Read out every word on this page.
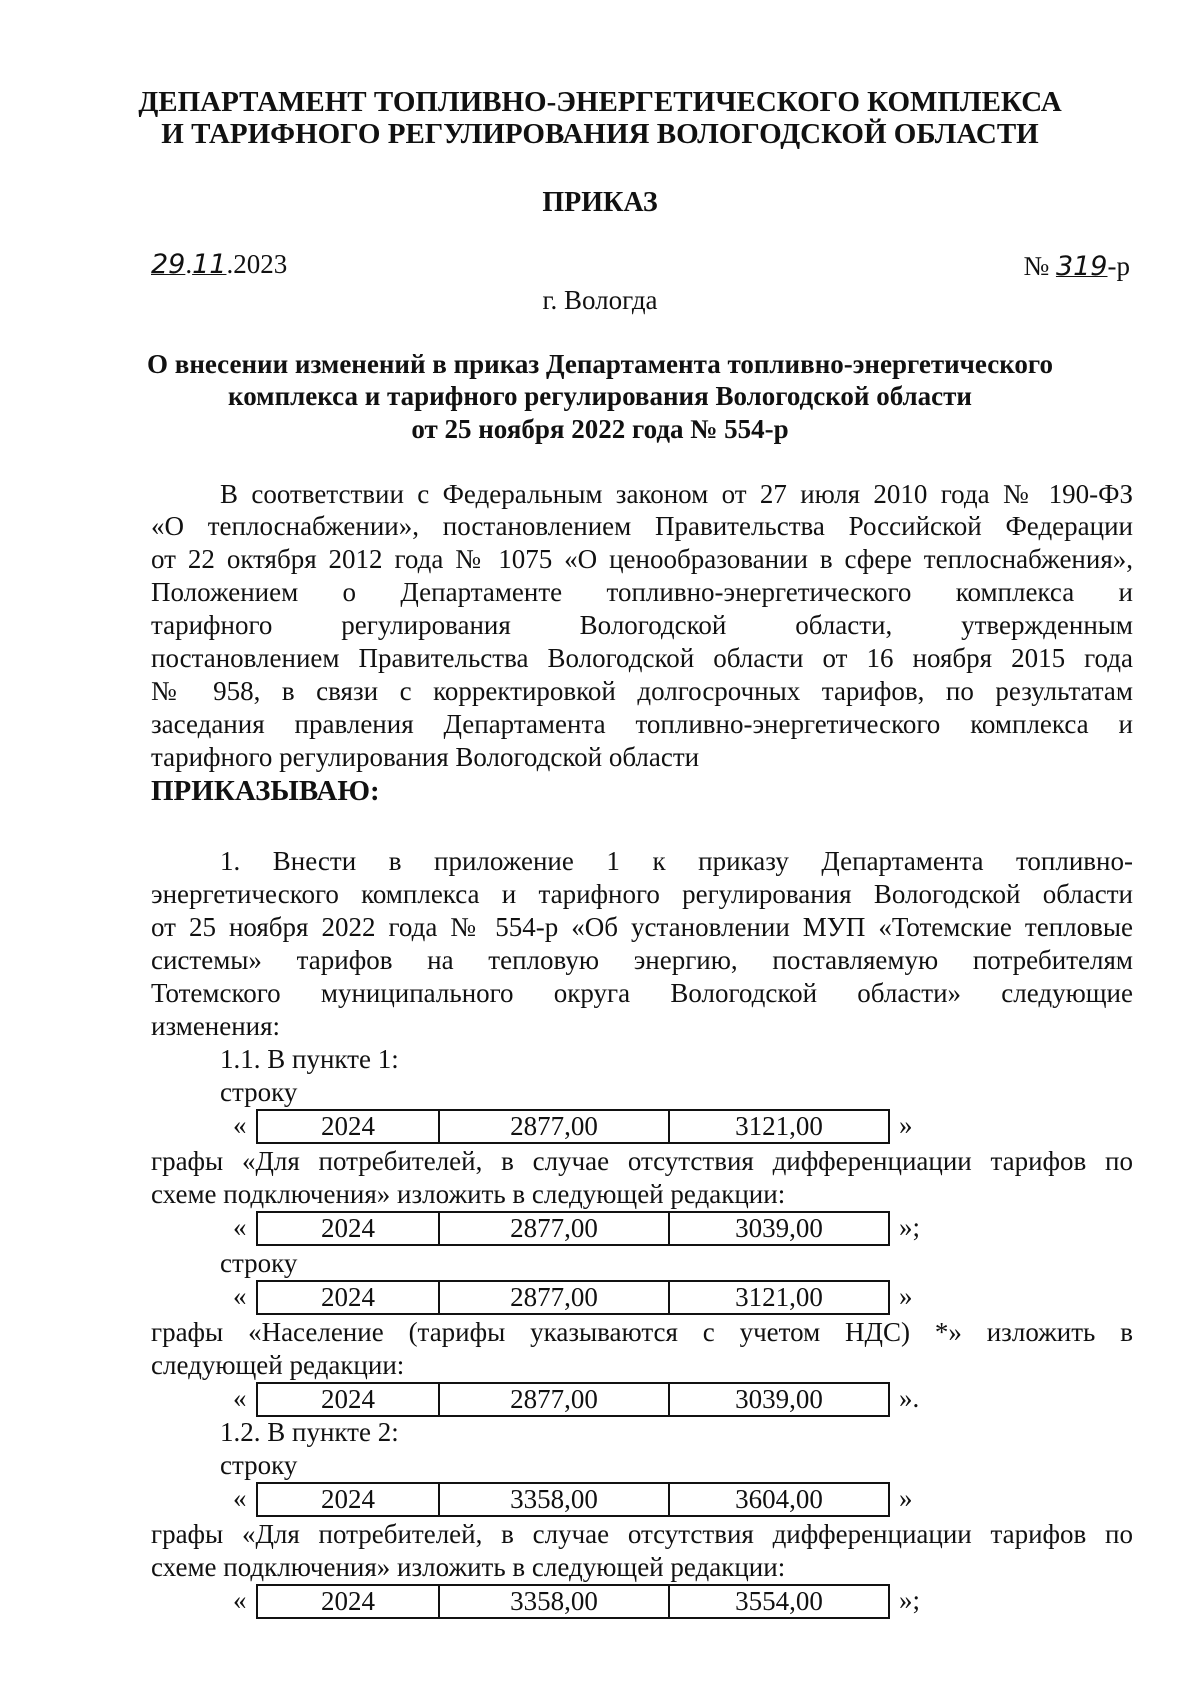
ДЕПАРТАМЕНТ ТОПЛИВНО-ЭНЕРГЕТИЧЕСКОГО КОМПЛЕКСА
И ТАРИФНОГО РЕГУЛИРОВАНИЯ ВОЛОГОДСКОЙ ОБЛАСТИ
ПРИКАЗ
29.11.2023	№ 319-р
г. Вологда
О внесении изменений в приказ Департамента топливно-энергетического
комплекса и тарифного регулирования Вологодской области
от 25 ноября 2022 года № 554-р
В соответствии с Федеральным законом от 27 июля 2010 года № 190-ФЗ
«О теплоснабжении», постановлением Правительства Российской Федерации
от 22 октября 2012 года № 1075 «О ценообразовании в сфере теплоснабжения»,
Положением о Департаменте топливно-энергетического комплекса и
тарифного регулирования Вологодской области, утвержденным
постановлением Правительства Вологодской области от 16 ноября 2015 года
№ 958, в связи с корректировкой долгосрочных тарифов, по результатам
заседания правления Департамента топливно-энергетического комплекса и
тарифного регулирования Вологодской области
ПРИКАЗЫВАЮ:
1. Внести в приложение 1 к приказу Департамента топливно-
энергетического комплекса и тарифного регулирования Вологодской области
от 25 ноября 2022 года № 554-р «Об установлении МУП «Тотемские тепловые
системы» тарифов на тепловую энергию, поставляемую потребителям
Тотемского муниципального округа Вологодской области» следующие
изменения:
1.1. В пункте 1:
строку
«	2024	2877,00	3121,00	»
графы «Для потребителей, в случае отсутствия дифференциации тарифов по
схеме подключения» изложить в следующей редакции:
«	2024	2877,00	3039,00	»;
строку
«	2024	2877,00	3121,00	»
графы «Население (тарифы указываются с учетом НДС) *» изложить в
следующей редакции:
«	2024	2877,00	3039,00	».
1.2. В пункте 2:
строку
«	2024	3358,00	3604,00	»
графы «Для потребителей, в случае отсутствия дифференциации тарифов по
схеме подключения» изложить в следующей редакции:
«	2024	3358,00	3554,00	»;
